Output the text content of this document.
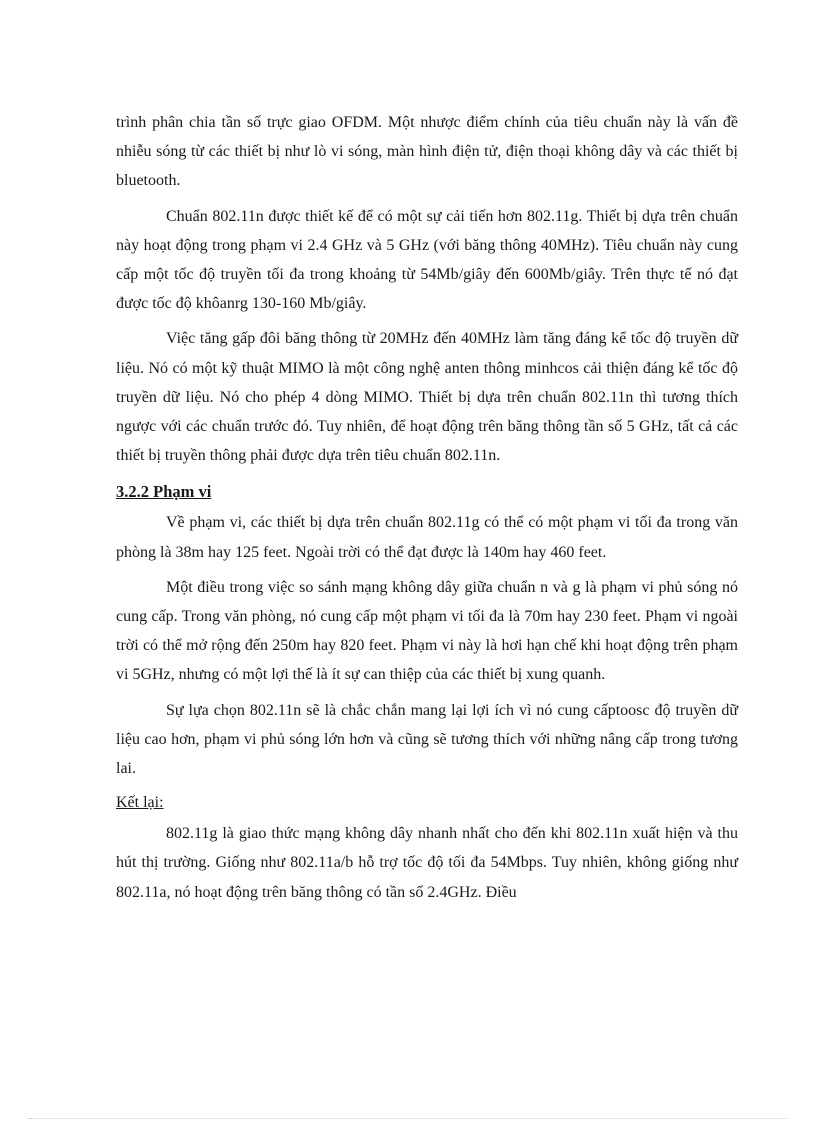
trình phân chia tần số trực giao OFDM. Một nhược điểm chính của tiêu chuẩn này là vấn đề nhiễu sóng từ các thiết bị như lò vi sóng, màn hình điện tử, điện thoại không dây và các thiết bị bluetooth.

Chuẩn 802.11n được thiết kế để có một sự cải tiến hơn 802.11g. Thiết bị dựa trên chuẩn này hoạt động trong phạm vi 2.4 GHz và 5 GHz (với băng thông 40MHz). Tiêu chuẩn này cung cấp một tốc độ truyền tối đa trong khoảng từ 54Mb/giây đến 600Mb/giây. Trên thực tế nó đạt được tốc độ khôanrg 130-160 Mb/giây.

Việc tăng gấp đôi băng thông từ 20MHz đến 40MHz làm tăng đáng kể tốc độ truyền dữ liệu. Nó có một kỹ thuật MIMO là một công nghệ anten thông minhcos cải thiện đáng kể tốc độ truyền dữ liệu. Nó cho phép 4 dòng MIMO. Thiết bị dựa trên chuẩn 802.11n thì tương thích ngược với các chuẩn trước đó. Tuy nhiên, để hoạt động trên băng thông tần số 5 GHz, tất cả các thiết bị truyền thông phải được dựa trên tiêu chuẩn 802.11n.

3.2.2 Phạm vi

Về phạm vi, các thiết bị dựa trên chuẩn 802.11g có thể có một phạm vi tối đa trong văn phòng là 38m hay 125 feet. Ngoài trời có thể đạt được là 140m hay 460 feet.

Một điều trong việc so sánh mạng không dây giữa chuẩn n và g là phạm vi phủ sóng nó cung cấp. Trong văn phòng, nó cung cấp một phạm vi tối đa là 70m hay 230 feet. Phạm vi ngoài trời có thể mở rộng đến 250m hay 820 feet. Phạm vi này là hơi hạn chế khi hoạt động trên phạm vi 5GHz, nhưng có một lợi thế là ít sự can thiệp của các thiết bị xung quanh.

Sự lựa chọn 802.11n sẽ là chắc chắn mang lại lợi ích vì nó cung cấptoosc độ truyền dữ liệu cao hơn, phạm vi phủ sóng lớn hơn và cũng sẽ tương thích với những nâng cấp trong tương lai.

Kết lại:

802.11g là giao thức mạng không dây nhanh nhất cho đến khi 802.11n xuất hiện và thu hút thị trường. Giống như 802.11a/b hỗ trợ tốc độ tối đa 54Mbps. Tuy nhiên, không giống như 802.11a, nó hoạt động trên băng thông có tần số 2.4GHz. Điều
